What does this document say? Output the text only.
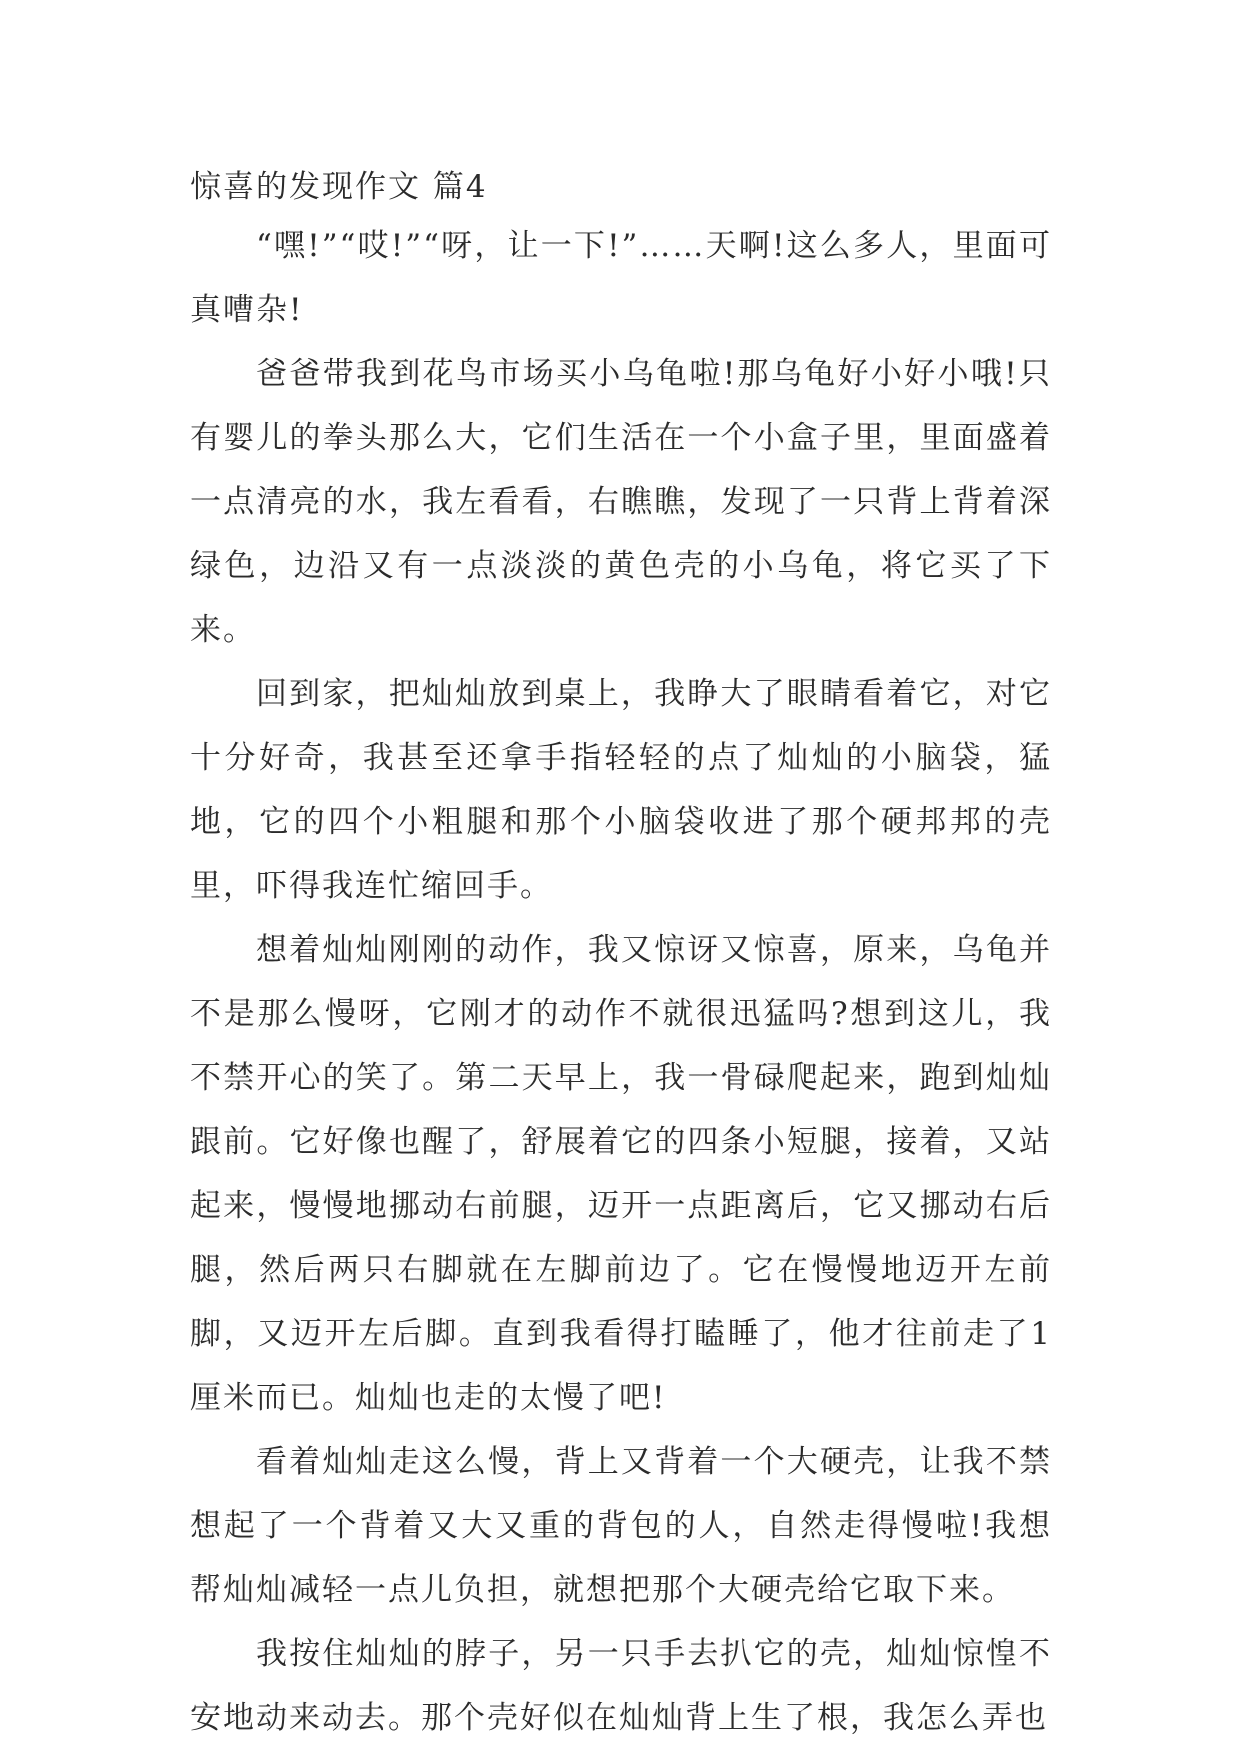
惊喜的发现作文 篇4

“嘿!”“哎!”“呀，让一下!”……天啊!这么多人，里面可真嘈杂!

爸爸带我到花鸟市场买小乌龟啦!那乌龟好小好小哦!只有婴儿的拳头那么大，它们生活在一个小盒子里，里面盛着一点清亮的水，我左看看，右瞧瞧，发现了一只背上背着深绿色，边沿又有一点淡淡的黄色壳的小乌龟，将它买了下来。

回到家，把灿灿放到桌上，我睁大了眼睛看着它，对它十分好奇，我甚至还拿手指轻轻的点了灿灿的小脑袋，猛地，它的四个小粗腿和那个小脑袋收进了那个硬邦邦的壳里，吓得我连忙缩回手。

想着灿灿刚刚的动作，我又惊讶又惊喜，原来，乌龟并不是那么慢呀，它刚才的动作不就很迅猛吗?想到这儿，我不禁开心的笑了。第二天早上，我一骨碌爬起来，跑到灿灿跟前。它好像也醒了，舒展着它的四条小短腿，接着，又站起来，慢慢地挪动右前腿，迈开一点距离后，它又挪动右后腿，然后两只右脚就在左脚前边了。它在慢慢地迈开左前脚，又迈开左后脚。直到我看得打瞌睡了，他才往前走了1厘米而已。灿灿也走的太慢了吧!

看着灿灿走这么慢，背上又背着一个大硬壳，让我不禁想起了一个背着又大又重的背包的人，自然走得慢啦!我想帮灿灿减轻一点儿负担，就想把那个大硬壳给它取下来。

我按住灿灿的脖子，另一只手去扒它的壳，灿灿惊惶不安地动来动去。那个壳好似在灿灿背上生了根，我怎么弄也
